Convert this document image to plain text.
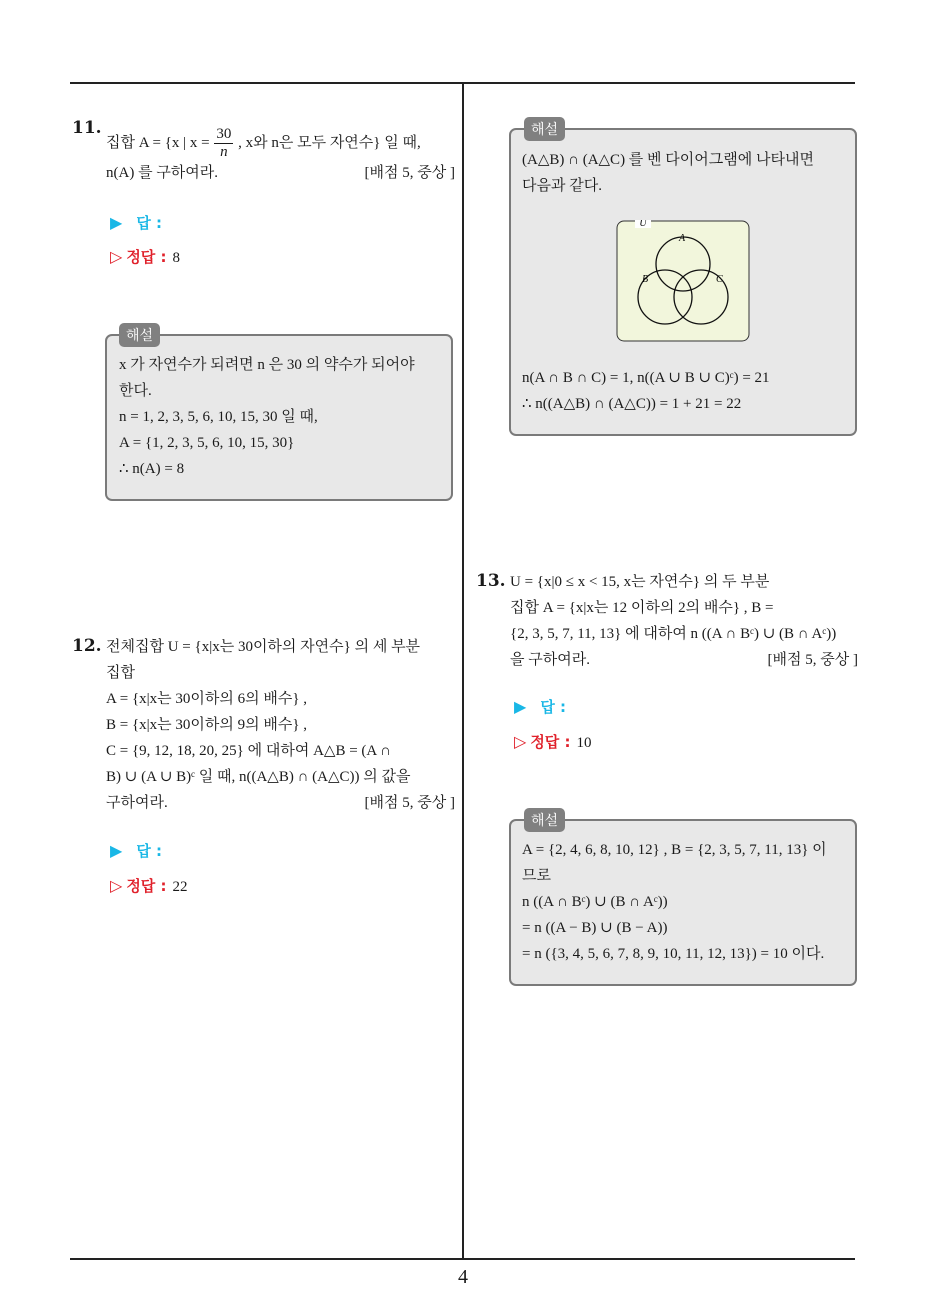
4
11.
집합 A = {x | $x = \frac{30}{n}$ , x와 n은 모두 자연수} 일 때,
n(A) 를 구하여라.	[배점 5, 중상 ]
▶ 답 :
▷ 정답 : 8
해설
x 가 자연수가 되려면 n 은 30 의 약수가 되어야
한다.
n = 1, 2, 3, 5, 6, 10, 15, 30 일 때,
A = {1, 2, 3, 5, 6, 10, 15, 30}
∴ n(A) = 8
12. 전체집합 U = {x|x는 30이하의 자연수} 의 세 부분
집합
A = {x|x는 30이하의 6의 배수} ,
B = {x|x는 30이하의 9의 배수} ,
C = {9, 12, 18, 20, 25} 에 대하여 A△B = (A ∩
B) ∪ (A ∪ B)ᶜ 일 때, n((A△B) ∩ (A△C)) 의 값을
구하여라.	[배점 5, 중상 ]
▶ 답 :
▷ 정답 : 22
해설
(A△B) ∩ (A△C) 를 벤 다이어그램에 나타내면
다음과 같다.
U
A
B	C
n(A ∩ B ∩ C) = 1, n((A ∪ B ∪ C)ᶜ) = 21
∴ n((A△B) ∩ (A△C)) = 1 + 21 = 22
13. U = {x|0 ≤ x < 15, x는 자연수} 의 두 부분
집합 A = {x|x는 12 이하의 2의 배수} , B =
{2, 3, 5, 7, 11, 13} 에 대하여 n ((A ∩ Bᶜ) ∪ (B ∩ Aᶜ))
을 구하여라.	[배점 5, 중상 ]
▶ 답 :
▷ 정답 : 10
해설
A = {2, 4, 6, 8, 10, 12} , B = {2, 3, 5, 7, 11, 13} 이
므로
n ((A ∩ Bᶜ) ∪ (B ∩ Aᶜ))
= n ((A − B) ∪ (B − A))
= n ({3, 4, 5, 6, 7, 8, 9, 10, 11, 12, 13}) = 10 이다.
